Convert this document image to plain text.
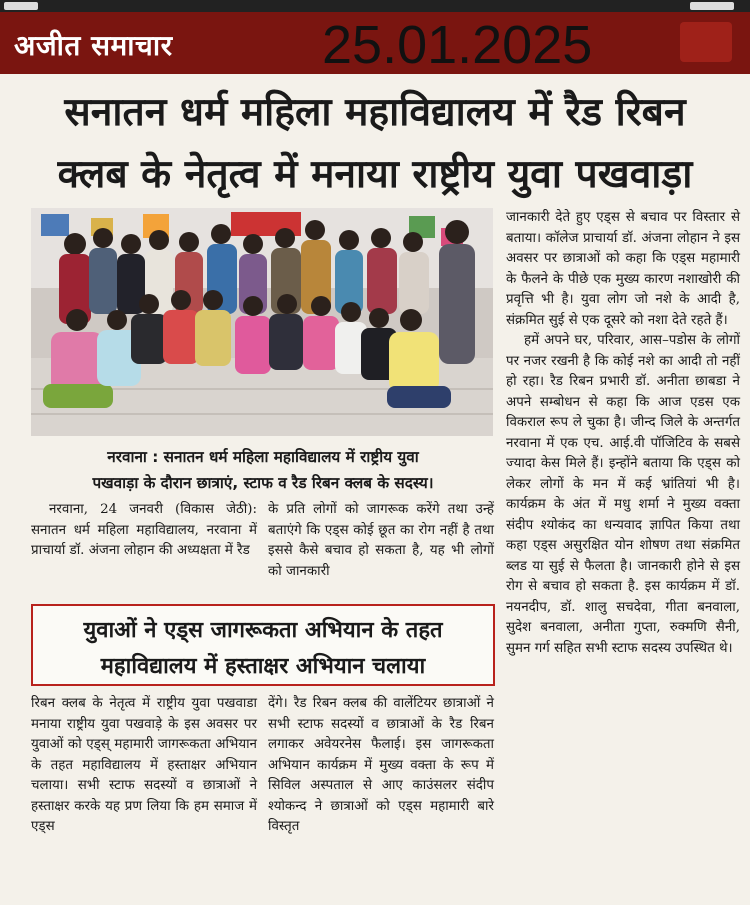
अजीत समाचार	25.01.2025
सनातन धर्म महिला महाविद्यालय में रैड रिबन
क्लब के नेतृत्व में मनाया राष्ट्रीय युवा पखवाड़ा
नरवाना : सनातन धर्म महिला महाविद्यालय में राष्ट्रीय युवा
पखवाड़ा के दौरान छात्राएं, स्टाफ व रैड रिबन क्लब के सदस्य।

नरवाना, 24 जनवरी (विकास जेठी): सनातन धर्म महिला महाविद्यालय, नरवाना में प्राचार्या डॉ. अंजना लोहान की अध्यक्षता में रैड

के प्रति लोगों को जागरूक करेंगे तथा उन्हें बताएंगे कि एड्स कोई छूत का रोग नहीं है तथा इससे कैसे बचाव हो सकता है, यह भी लोगों को जानकारी

युवाओं ने एड्स जागरूकता अभियान के तहत
महाविद्यालय में हस्ताक्षर अभियान चलाया

रिबन क्लब के नेतृत्व में राष्ट्रीय युवा पखवाडा मनाया राष्ट्रीय युवा पखवाड़े के इस अवसर पर युवाओं को एड्स् महामारी जागरूकता अभियान के तहत महाविद्यालय में हस्ताक्षर अभियान चलाया। सभी स्टाफ सदस्यों व छात्राओं ने हस्ताक्षर करके यह प्रण लिया कि हम समाज में एड्स

देंगे। रैड रिबन क्लब की वालेंटियर छात्राओं ने सभी स्टाफ सदस्यों व छात्राओं के रैड रिबन लगाकर अवेयरनेस फैलाई। इस जागरूकता अभियान कार्यक्रम में मुख्य वक्ता के रूप में सिविल अस्पताल से आए काउंसलर संदीप श्योकन्द ने छात्राओं को एड्स महामारी बारे विस्तृत

जानकारी देते हुए एड्स से बचाव पर विस्तार से बताया। कॉलेज प्राचार्या डॉ. अंजना लोहान ने इस अवसर पर छात्राओं को कहा कि एड्स महामारी के फैलने के पीछे एक मुख्य कारण नशाखोरी की प्रवृत्ति भी है। युवा लोग जो नशे के आदी है, संक्रमित सुई से एक दूसरे को नशा देते रहते हैं।

हमें अपने घर, परिवार, आस–पडोस के लोगों पर नजर रखनी है कि कोई नशे का आदी तो नहीं हो रहा। रैड रिबन प्रभारी डॉ. अनीता छाबडा ने अपने सम्बोधन से कहा कि आज एडस एक विकराल रूप ले चुका है। जीन्द जिले के अन्तर्गत नरवाना में एक एच. आई.वी पॉजिटिव के सबसे ज्यादा केस मिले हैं। इन्होंने बताया कि एड्स को लेकर लोगों के मन में कई भ्रांतियां भी है। कार्यक्रम के अंत में मधु शर्मा ने मुख्य वक्ता संदीप श्योकंद का धन्यवाद ज्ञापित किया तथा कहा एड्स असुरक्षित योन शोषण तथा संक्रमित ब्लड या सुई से फैलता है। जानकारी होने से इस रोग से बचाव हो सकता है. इस कार्यक्रम में डॉ. नयनदीप, डॉ. शालु सचदेवा, गीता बनवाला, सुदेश बनवाला, अनीता गुप्ता, रुक्मणि सैनी, सुमन गर्ग सहित सभी स्टाफ सदस्य उपस्थित थे।
